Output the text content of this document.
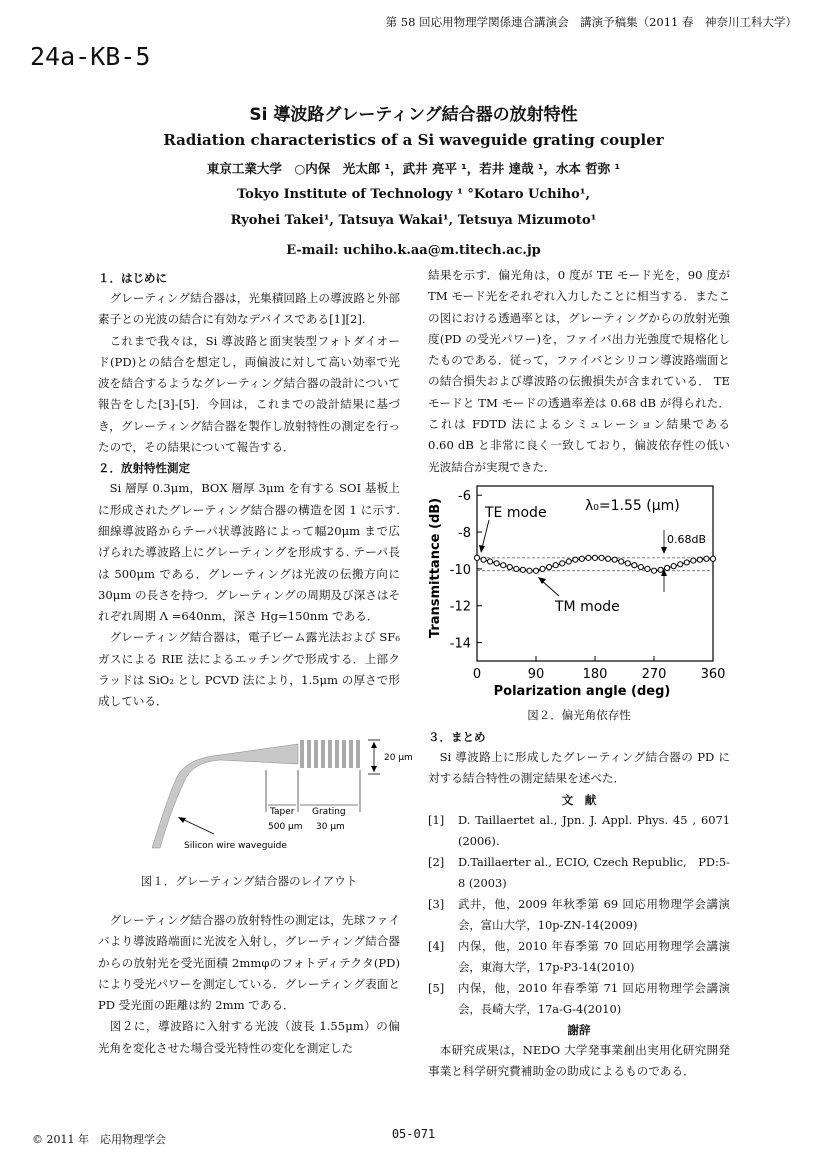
第 58 回応用物理学関係連合講演会　講演予稿集（2011 春　神奈川工科大学）
24a-KB-5
Si 導波路グレーティング結合器の放射特性
Radiation characteristics of a Si waveguide grating coupler
東京工業大学　○内保　光太郎 ¹，武井 亮平 ¹，若井 達哉 ¹，水本 哲弥 ¹
Tokyo Institute of Technology ¹ °Kotaro Uchiho¹,
Ryohei Takei¹, Tatsuya Wakai¹, Tetsuya Mizumoto¹
E-mail: uchiho.k.aa@m.titech.ac.jp
１．はじめに

グレーティング結合器は，光集積回路上の導波路と外部素子との光波の結合に有効なデバイスである[1][2].

これまで我々は，Si 導波路と面実装型フォトダイオード(PD)との結合を想定し，両偏波に対して高い効率で光波を結合するようなグレーティング結合器の設計について報告をした[3]-[5]．今回は，これまでの設計結果に基づき，グレーティング結合器を製作し放射特性の測定を行ったので，その結果について報告する．

２．放射特性測定

Si 層厚 0.3μm，BOX 層厚 3μm を有する SOI 基板上に形成されたグレーティング結合器の構造を図 1 に示す. 細線導波路からテーパ状導波路によって幅20μm まで広げられた導波路上にグレーティングを形成する. テーパ長は 500μm である．グレーティングは光波の伝搬方向に 30μm の長さを持つ．グレーティングの周期及び深さはそれぞれ周期 Λ =640nm，深さ Hg=150nm である．

グレーティング結合器は，電子ビーム露光法および SF₆ ガスによる RIE 法によるエッチングで形成する．上部クラッドは SiO₂ とし PCVD 法により，1.5μm の厚さで形成している．

20 μm
Taper
500 μm
Grating
30 μm
Silicon wire waveguide
図１．グレーティング結合器のレイアウト

グレーティング結合器の放射特性の測定は，先球ファイバより導波路端面に光波を入射し，グレーティング結合器からの放射光を受光面積 2mmφのフォトディテクタ(PD)により受光パワーを測定している．グレーティング表面と PD 受光面の距離は約 2mm である．

図２に，導波路に入射する光波（波長 1.55μm）の偏光角を変化させた場合受光特性の変化を測定した

結果を示す．偏光角は，0 度が TE モード光を，90 度が TM モード光をそれぞれ入力したことに相当する．またこの図における透過率とは，グレーティングからの放射光強度(PD の受光パワー)を，ファイバ出力光強度で規格化したものである．従って，ファイバとシリコン導波路端面との結合損失および導波路の伝搬損失が含まれている． TE モードと TM モードの透過率差は 0.68 dB が得られた．これは FDTD 法によるシミュレーション結果である 0.60 dB と非常に良く一致しており，偏波依存性の低い光波結合が実現できた．

0	90	180	270	360
-6
-8
-10
-12
-14
Polarization angle (deg)
Transmittance (dB)	TE mode
TM mode
λ₀=1.55 (μm)
0.68dB
図２．偏光角依存性
３．まとめ

Si 導波路上に形成したグレーティング結合器の PD に対する結合特性の測定結果を述べた．

文　献
[1]	D. Taillaertet al., Jpn. J. Appl. Phys. 45 , 6071 (2006).
[2]	D.Taillaerter al., ECIO, Czech Republic,　PD:5-8 (2003)
[3]	武井，他，2009 年秋季第 69 回応用物理学会講演会，富山大学，10p-ZN-14(2009)
[4]	内保，他，2010 年春季第 70 回応用物理学会講演会，東海大学，17p-P3-14(2010)
[5]	内保，他，2010 年春季第 71 回応用物理学会講演会，長崎大学，17a-G-4(2010)
謝辞

本研究成果は，NEDO 大学発事業創出実用化研究開発事業と科学研究費補助金の助成によるものである．

© 2011 年　応用物理学会	05-071
